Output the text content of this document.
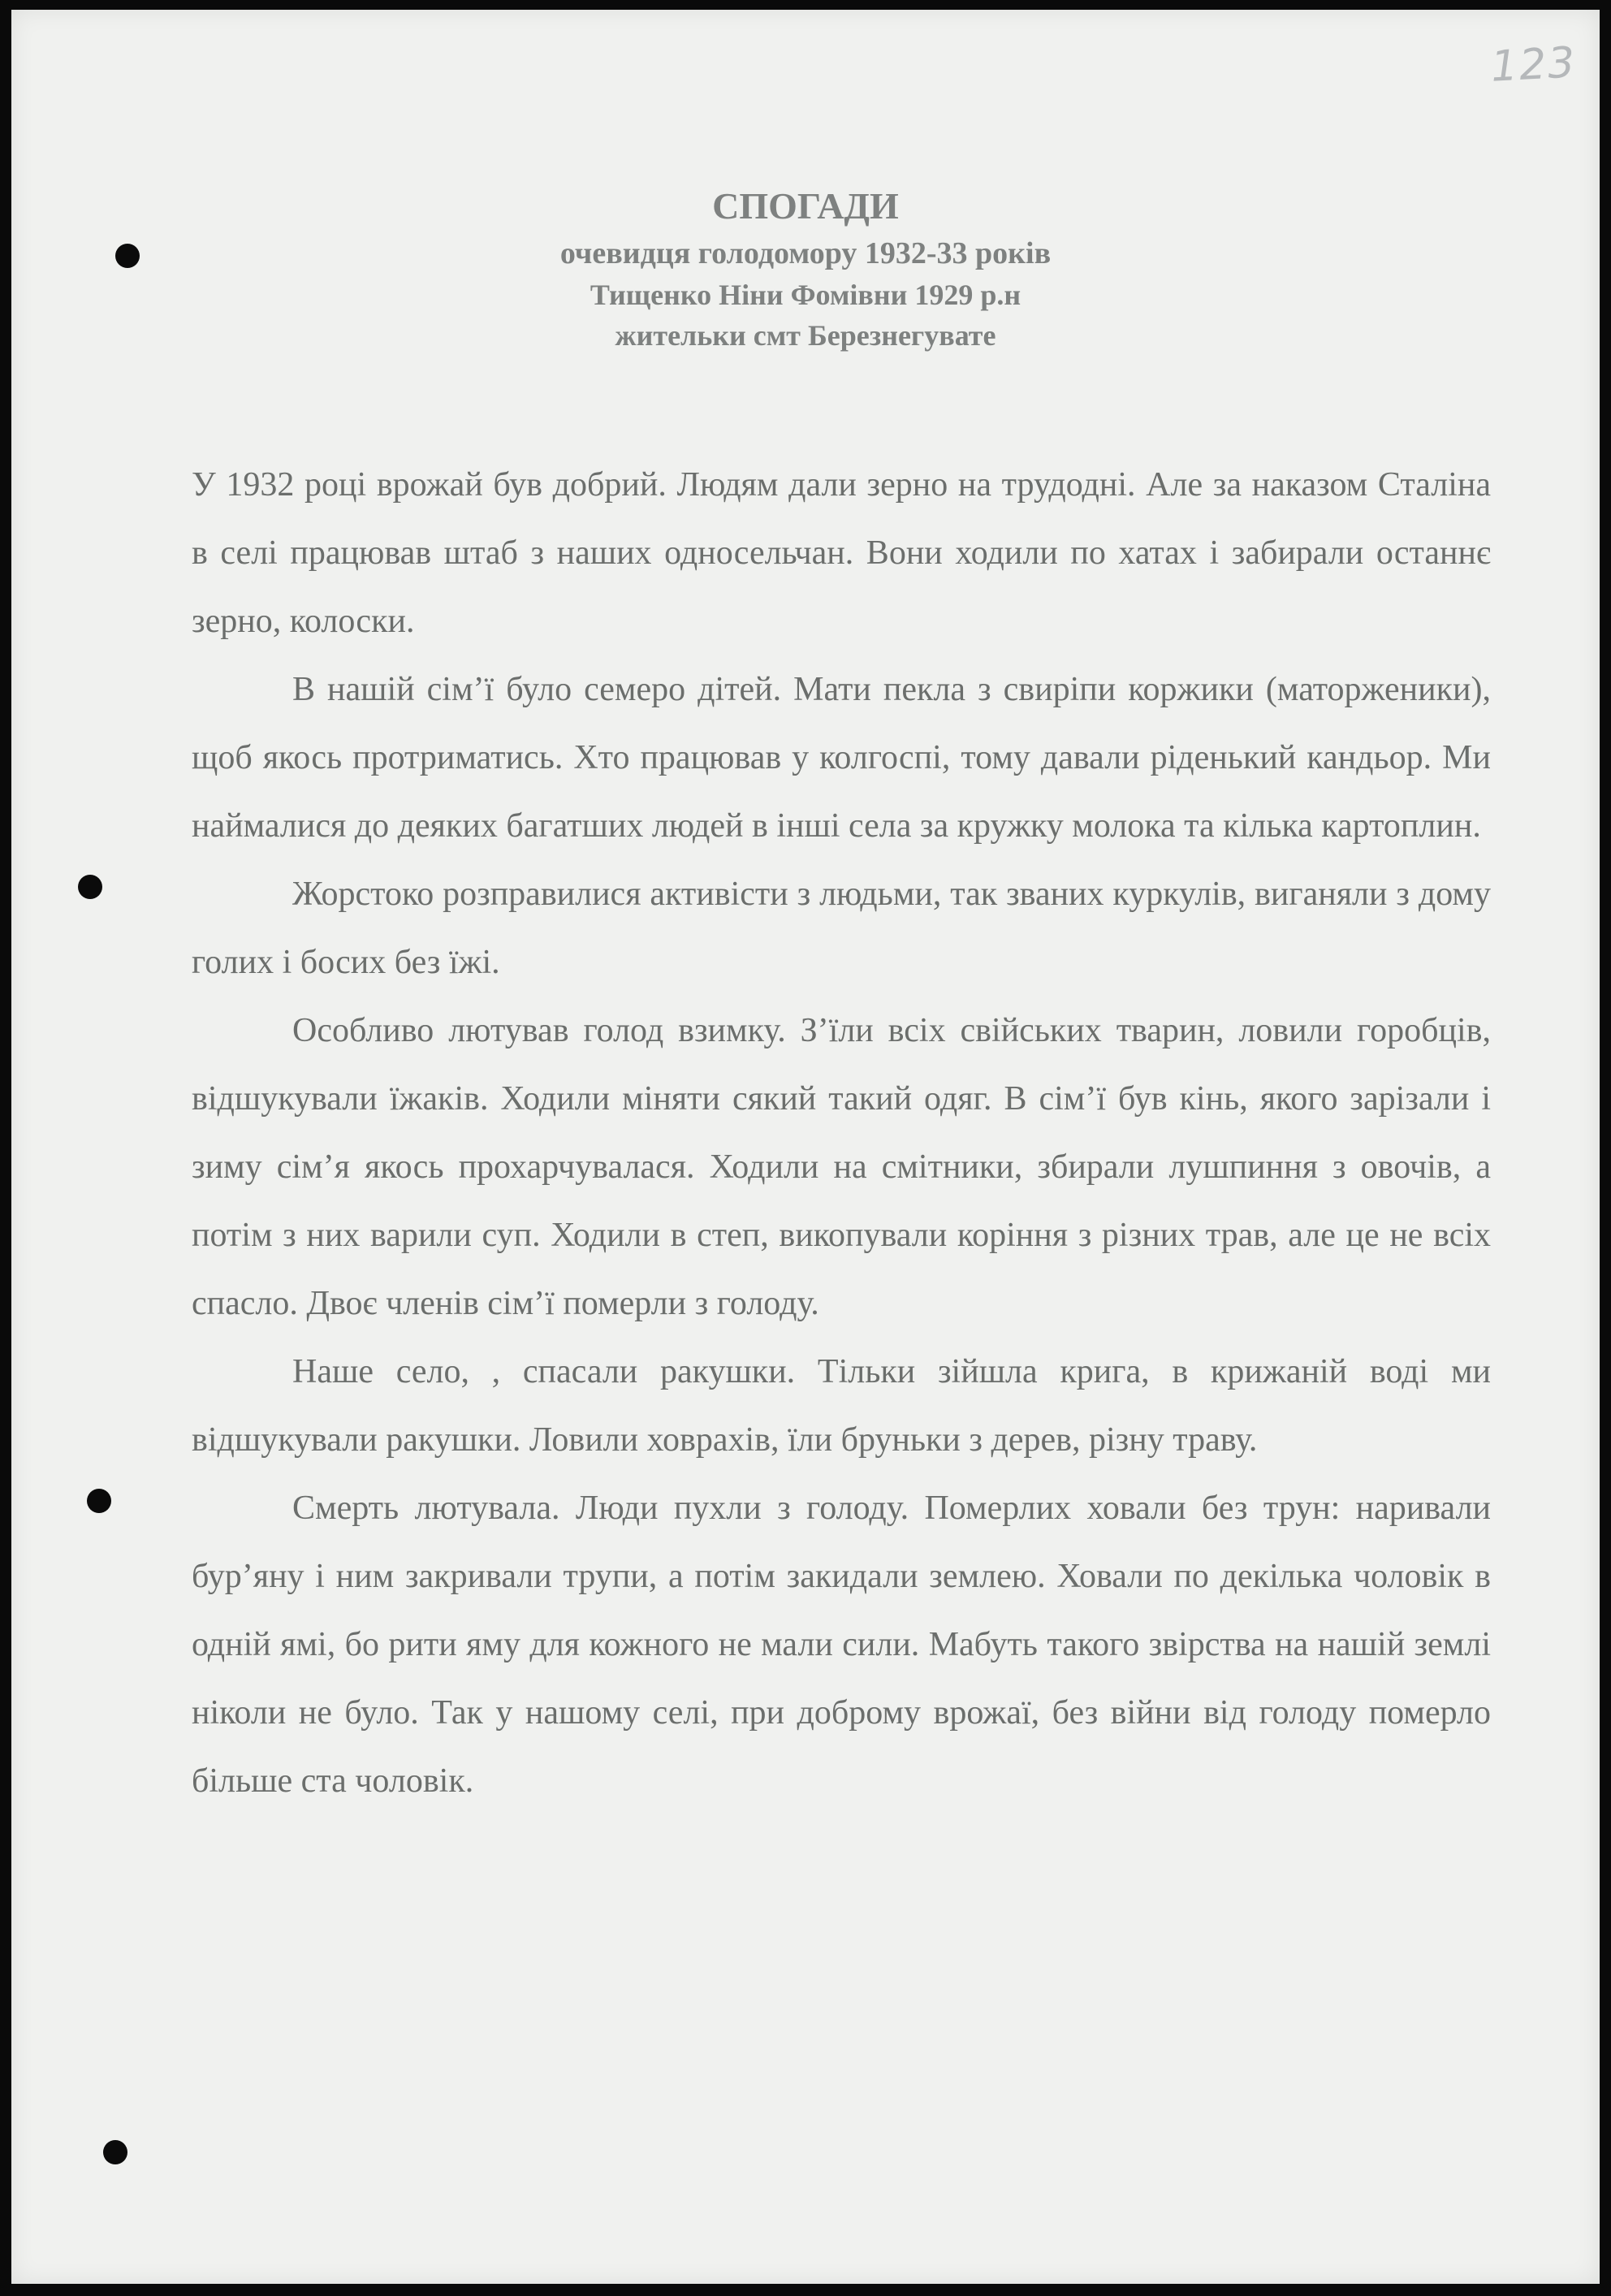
123
СПОГАДИ
очевидця голодомору 1932-33 років
Тищенко Ніни Фомівни 1929 р.н
жительки смт Березнегувате

У 1932 році врожай був добрий. Людям дали зерно на трудодні. Але за наказом Сталіна в селі працював штаб з наших односельчан. Вони ходили по хатах і забирали останнє зерно, колоски.

В нашій сім’ї було семеро дітей. Мати пекла з свиріпи коржики (маторженики), щоб якось протриматись. Хто працював у колгоспі, тому давали ріденький кандьор. Ми наймалися до деяких багатших людей в інші села за кружку молока та кілька картоплин.

Жорстоко розправилися активісти з людьми, так званих куркулів, виганяли з дому голих і босих без їжі.

Особливо лютував голод взимку. З’їли всіх свійських тварин, ловили горобців, відшукували їжаків. Ходили міняти сякий такий одяг. В сім’ї був кінь, якого зарізали і зиму сім’я якось прохарчувалася. Ходили на смітники, збирали лушпиння з овочів, а потім з них варили суп. Ходили в степ, викопували коріння з різних трав, але це не всіх спасло. Двоє членів сім’ї померли з голоду.

Наше село, , спасали ракушки. Тільки зійшла крига, в крижаній воді ми відшукували ракушки. Ловили ховрахів, їли бруньки з дерев, різну траву.

Смерть лютувала. Люди пухли з голоду. Померлих ховали без трун: наривали бур’яну і ним закривали трупи, а потім закидали землею. Ховали по декілька чоловік в одній ямі, бо рити яму для кожного не мали сили. Мабуть такого звірства на нашій землі ніколи не було. Так у нашому селі, при доброму врожаї, без війни від голоду померло більше ста чоловік.
